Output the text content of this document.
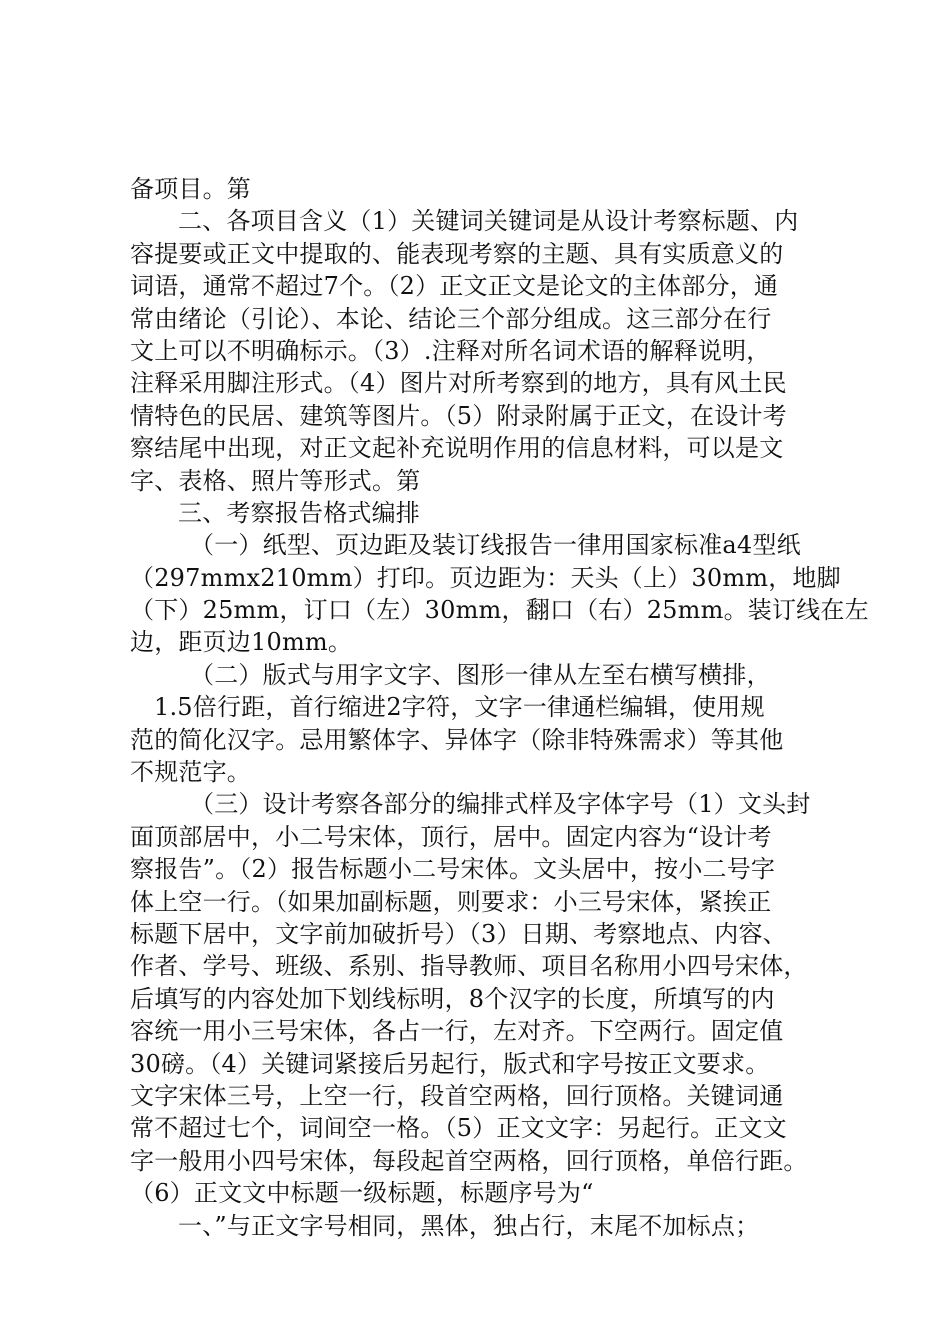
备项目。第
二、各项目含义（1）关键词关键词是从设计考察标题、内
容提要或正文中提取的、能表现考察的主题、具有实质意义的
词语，通常不超过7个。（2）正文正文是论文的主体部分，通
常由绪论（引论）、本论、结论三个部分组成。这三部分在行
文上可以不明确标示。（3）.注释对所名词术语的解释说明，
注释采用脚注形式。（4）图片对所考察到的地方，具有风土民
情特色的民居、建筑等图片。（5）附录附属于正文，在设计考
察结尾中出现，对正文起补充说明作用的信息材料，可以是文
字、表格、照片等形式。第
三、考察报告格式编排
（一）纸型、页边距及装订线报告一律用国家标准a4型纸
（297mmx210mm）打印。页边距为：天头（上）30mm，地脚
（下）25mm，订口（左）30mm，翻口（右）25mm。装订线在左
边，距页边10mm。
（二）版式与用字文字、图形一律从左至右横写横排，
1.5倍行距，首行缩进2字符，文字一律通栏编辑，使用规
范的简化汉字。忌用繁体字、异体字（除非特殊需求）等其他
不规范字。
（三）设计考察各部分的编排式样及字体字号（1）文头封
面顶部居中，小二号宋体，顶行，居中。固定内容为“设计考
察报告”。（2）报告标题小二号宋体。文头居中，按小二号字
体上空一行。（如果加副标题，则要求：小三号宋体，紧挨正
标题下居中，文字前加破折号）（3）日期、考察地点、内容、
作者、学号、班级、系别、指导教师、项目名称用小四号宋体，
后填写的内容处加下划线标明，8个汉字的长度，所填写的内
容统一用小三号宋体，各占一行，左对齐。下空两行。固定值
30磅。（4）关键词紧接后另起行，版式和字号按正文要求。
文字宋体三号，上空一行，段首空两格，回行顶格。关键词通
常不超过七个，词间空一格。（5）正文文字：另起行。正文文
字一般用小四号宋体，每段起首空两格，回行顶格，单倍行距。
（6）正文文中标题一级标题，标题序号为“
一、”与正文字号相同，黑体，独占行，末尾不加标点；
